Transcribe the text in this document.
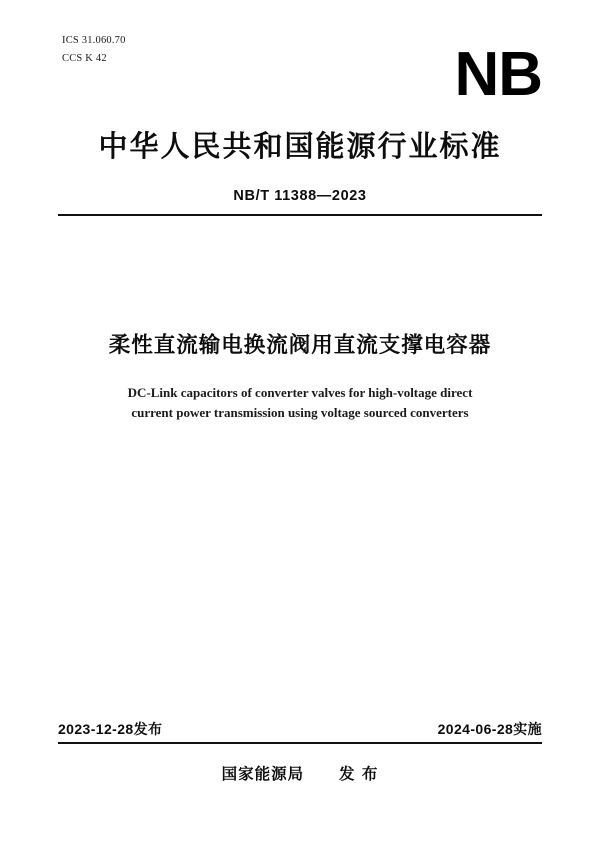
ICS 31.060.70
CCS K 42	NB
中华人民共和国能源行业标准
NB/T 11388—2023
柔性直流输电换流阀用直流支撑电容器
DC-Link capacitors of converter valves for high-voltage direct
current power transmission using voltage sourced converters
2023-12-28发布	2024-06-28实施
国家能源局 发 布
